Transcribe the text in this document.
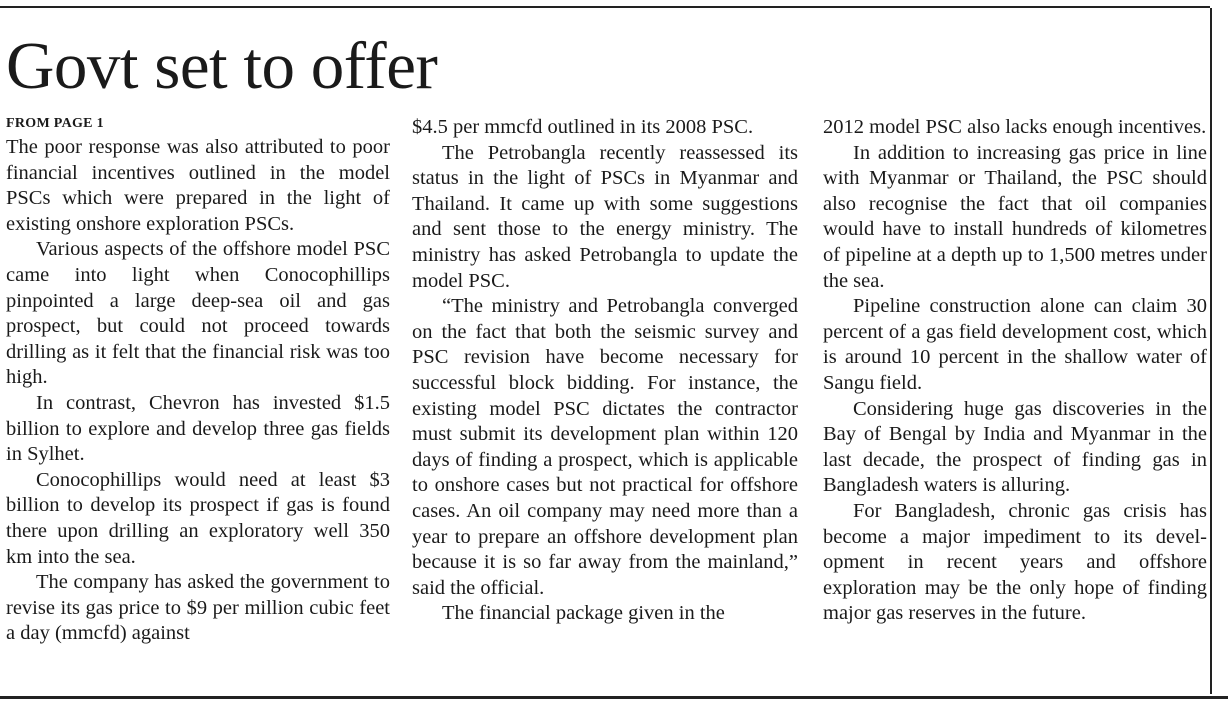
Govt set to offer
FROM PAGE 1

The poor response was also attributed to poor financial incentives outlined in the model PSCs which were prepared in the light of existing onshore exploration PSCs.

Various aspects of the offshore model PSC came into light when Conocophillips pinpointed a large deep-sea oil and gas prospect, but could not proceed towards drilling as it felt that the financial risk was too high.

In contrast, Chevron has invested $1.5 billion to explore and develop three gas fields in Sylhet.

Conocophillips would need at least $3 billion to develop its prospect if gas is found there upon drilling an exploratory well 350 km into the sea.

The company has asked the government to revise its gas price to $9 per million cubic feet a day (mmcfd) against

$4.5 per mmcfd outlined in its 2008 PSC.

The Petrobangla recently reassessed its status in the light of PSCs in Myanmar and Thailand. It came up with some suggestions and sent those to the energy ministry. The ministry has asked Petrobangla to update the model PSC.

“The ministry and Petrobangla converged on the fact that both the seismic survey and PSC revision have become necessary for successful block bidding. For instance, the existing model PSC dictates the contractor must submit its development plan within 120 days of finding a prospect, which is applicable to onshore cases but not practical for offshore cases. An oil company may need more than a year to prepare an offshore development plan because it is so far away from the mainland,” said the official.

The financial package given in the

2012 model PSC also lacks enough incentives.

In addition to increasing gas price in line with Myanmar or Thailand, the PSC should also recognise the fact that oil companies would have to install hundreds of kilometres of pipeline at a depth up to 1,500 metres under the sea.

Pipeline construction alone can claim 30 percent of a gas field development cost, which is around 10 percent in the shallow water of Sangu field.

Considering huge gas discoveries in the Bay of Bengal by India and Myanmar in the last decade, the prospect of finding gas in Bangladesh waters is alluring.

For Bangladesh, chronic gas crisis has become a major impediment to its development in recent years and offshore exploration may be the only hope of finding major gas reserves in the future.
